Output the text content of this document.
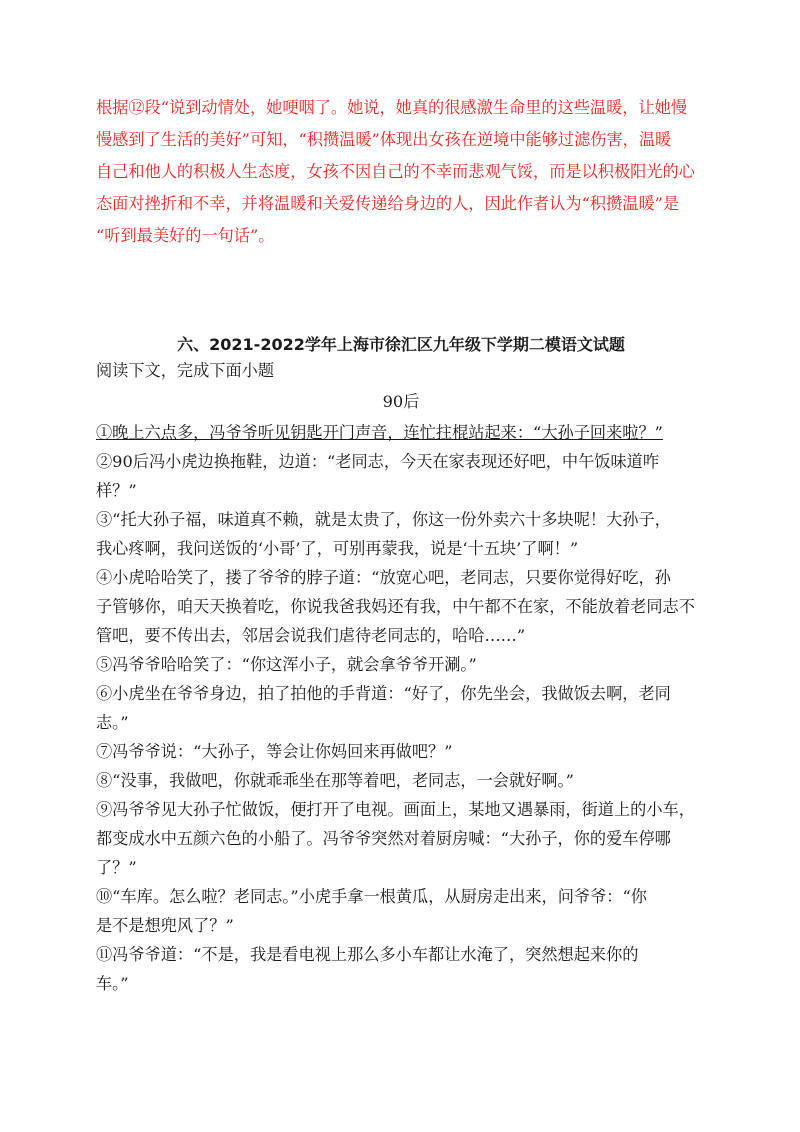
根据⑫段“说到动情处，她哽咽了。她说，她真的很感激生命里的这些温暖，让她慢
慢感到了生活的美好”可知，“积攒温暖”体现出女孩在逆境中能够过滤伤害，温暖
自己和他人的积极人生态度，女孩不因自己的不幸而悲观气馁，而是以积极阳光的心
态面对挫折和不幸，并将温暖和关爱传递给身边的人，因此作者认为“积攒温暖”是
“听到最美好的一句话”。
六、2021-2022学年上海市徐汇区九年级下学期二模语文试题
阅读下文，完成下面小题
90后
①晚上六点多，冯爷爷听见钥匙开门声音，连忙拄棍站起来：“大孙子回来啦？”
②90后冯小虎边换拖鞋，边道：“老同志，今天在家表现还好吧，中午饭味道咋
样？”
③“托大孙子福，味道真不赖，就是太贵了，你这一份外卖六十多块呢！大孙子，
我心疼啊，我问送饭的‘小哥’了，可别再蒙我，说是‘十五块’了啊！”
④小虎哈哈笑了，搂了爷爷的脖子道：“放宽心吧，老同志，只要你觉得好吃，孙
子管够你，咱天天换着吃，你说我爸我妈还有我，中午都不在家，不能放着老同志不
管吧，要不传出去，邻居会说我们虐待老同志的，哈哈……”
⑤冯爷爷哈哈笑了：“你这浑小子，就会拿爷爷开涮。”
⑥小虎坐在爷爷身边，拍了拍他的手背道：“好了，你先坐会，我做饭去啊，老同
志。”
⑦冯爷爷说：“大孙子，等会让你妈回来再做吧？”
⑧“没事，我做吧，你就乖乖坐在那等着吧，老同志，一会就好啊。”
⑨冯爷爷见大孙子忙做饭，便打开了电视。画面上，某地又遇暴雨，街道上的小车，
都变成水中五颜六色的小船了。冯爷爷突然对着厨房喊：“大孙子，你的爱车停哪
了？”
⑩“车库。怎么啦？老同志。”小虎手拿一根黄瓜，从厨房走出来，问爷爷：“你
是不是想兜风了？”
⑪冯爷爷道：“不是，我是看电视上那么多小车都让水淹了，突然想起来你的
车。”
